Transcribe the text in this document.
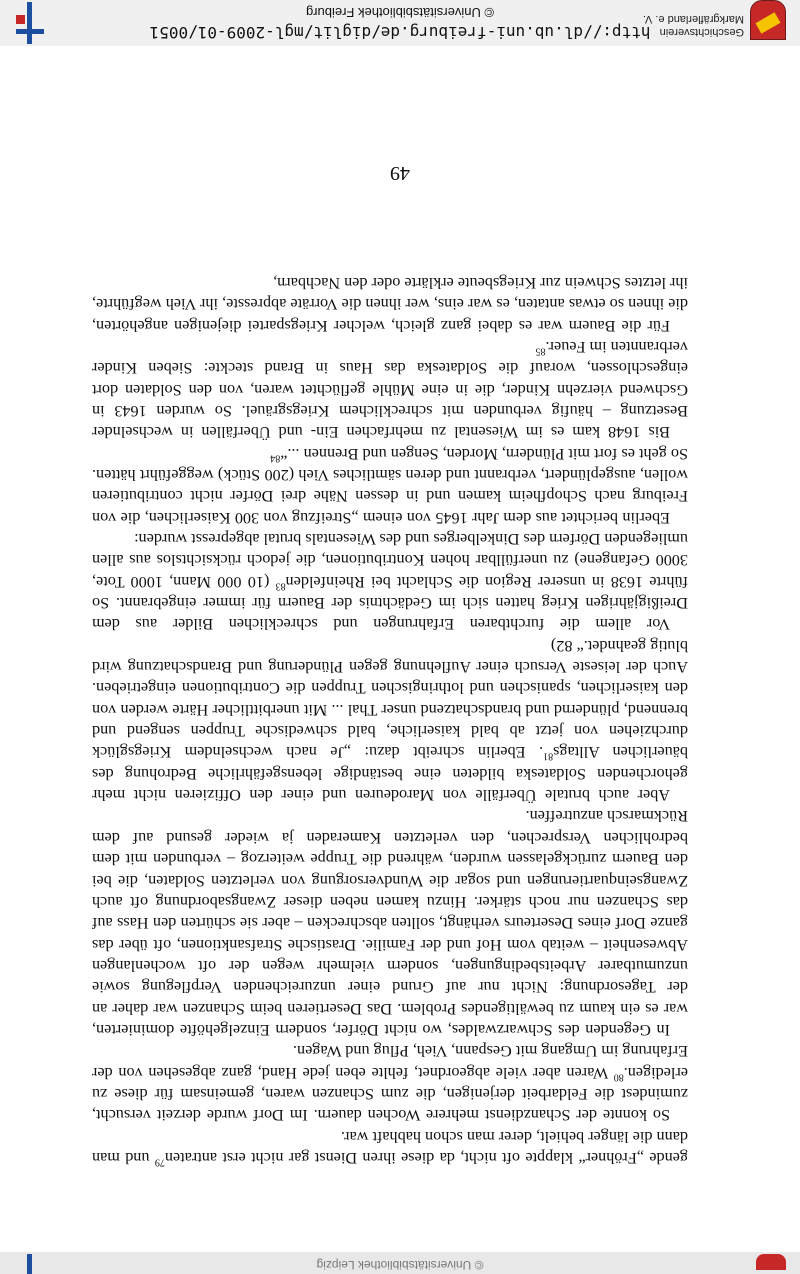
© Universitätsbibliothek Leipzig

gende „Fröhner“ klappte oft nicht, da diese ihren Dienst gar nicht erst antraten$^{79}$ und man dann die länger behielt, derer man schon habhaft war.

So konnte der Schanzdienst mehrere Wochen dauern. Im Dorf wurde derzeit versucht, zumindest die Feldarbeit derjenigen, die zum Schanzen waren, gemeinsam für diese zu erledigen.$^{80}$ Waren aber viele abgeordnet, fehlte eben jede Hand, ganz abgesehen von der Erfahrung im Umgang mit Gespann, Vieh, Pflug und Wagen.

In Gegenden des Schwarzwaldes, wo nicht Dörfer, sondern Einzelgehöfte dominierten, war es ein kaum zu bewältigendes Problem. Das Desertieren beim Schanzen war daher an der Tagesordnung: Nicht nur auf Grund einer unzureichenden Verpflegung sowie unzumutbarer Arbeitsbedingungen, sondern vielmehr wegen der oft wochenlangen Abwesenheit – weitab vom Hof und der Familie. Drastische Strafsanktionen, oft über das ganze Dorf eines Deserteurs verhängt, sollten abschrecken – aber sie schürten den Hass auf das Schanzen nur noch stärker. Hinzu kamen neben dieser Zwangsabordnung oft auch Zwangseinquartierungen und sogar die Wundversorgung von verletzten Soldaten, die bei den Bauern zurückgelassen wurden, während die Truppe weiterzog – verbunden mit dem bedrohlichen Versprechen, den verletzten Kameraden ja wieder gesund auf dem Rückmarsch anzutreffen.

Aber auch brutale Überfälle von Marodeuren und einer den Offizieren nicht mehr gehorchenden Soldateska bildeten eine beständige lebensgefährliche Bedrohung des bäuerlichen Alltags$^{81}$. Eberlin schreibt dazu: „Je nach wechselndem Kriegsglück durchziehen von jetzt ab bald kaiserliche, bald schwedische Truppen sengend und brennend, plündernd und brandschatzend unser Thal ... Mit unerbittlicher Härte werden von den kaiserlichen, spanischen und lothringischen Truppen die Contributionen eingetrieben. Auch der leiseste Versuch einer Auflehnung gegen Plünderung und Brandschatzung wird blutig geahndet.“ 82)

Vor allem die furchtbaren Erfahrungen und schrecklichen Bilder aus dem Dreißigjährigen Krieg hatten sich im Gedächtnis der Bauern für immer eingebrannt. So führte 1638 in unserer Region die Schlacht bei Rheinfelden$^{83}$ (10 000 Mann, 1000 Tote, 3000 Gefangene) zu unerfüllbar hohen Kontributionen, die jedoch rücksichtslos aus allen umliegenden Dörfern des Dinkelberges und des Wiesentals brutal abgepresst wurden:

Eberlin berichtet aus dem Jahr 1645 von einem „Streifzug von 300 Kaiserlichen, die von Freiburg nach Schopfheim kamen und in dessen Nähe drei Dörfer nicht contributieren wollen, ausgeplündert, verbrannt und deren sämtliches Vieh (200 Stück) weggeführt hätten. So geht es fort mit Plündern, Morden, Sengen und Brennen ...“$^{84}$

Bis 1648 kam es im Wiesental zu mehrfachen Ein- und Überfällen in wechselnder Besetzung – häufig verbunden mit schrecklichem Kriegsgräuel. So wurden 1643 in Gschwend vierzehn Kinder, die in eine Mühle geflüchtet waren, von den Soldaten dort eingeschlossen, worauf die Soldateska das Haus in Brand steckte: Sieben Kinder verbrannten im Feuer.$^{85}$

Für die Bauern war es dabei ganz gleich, welcher Kriegspartei diejenigen angehörten, die ihnen so etwas antaten, es war eins, wer ihnen die Vorräte abpresste, ihr Vieh wegführte, ihr letztes Schwein zur Kriegsbeute erklärte oder den Nachbarn,

49
Geschichtsverein
Markgräflerland e. V.
http://dl.ub.uni-freiburg.de/diglit/mgl-2009-01/0051
© Universitätsbibliothek Freiburg
